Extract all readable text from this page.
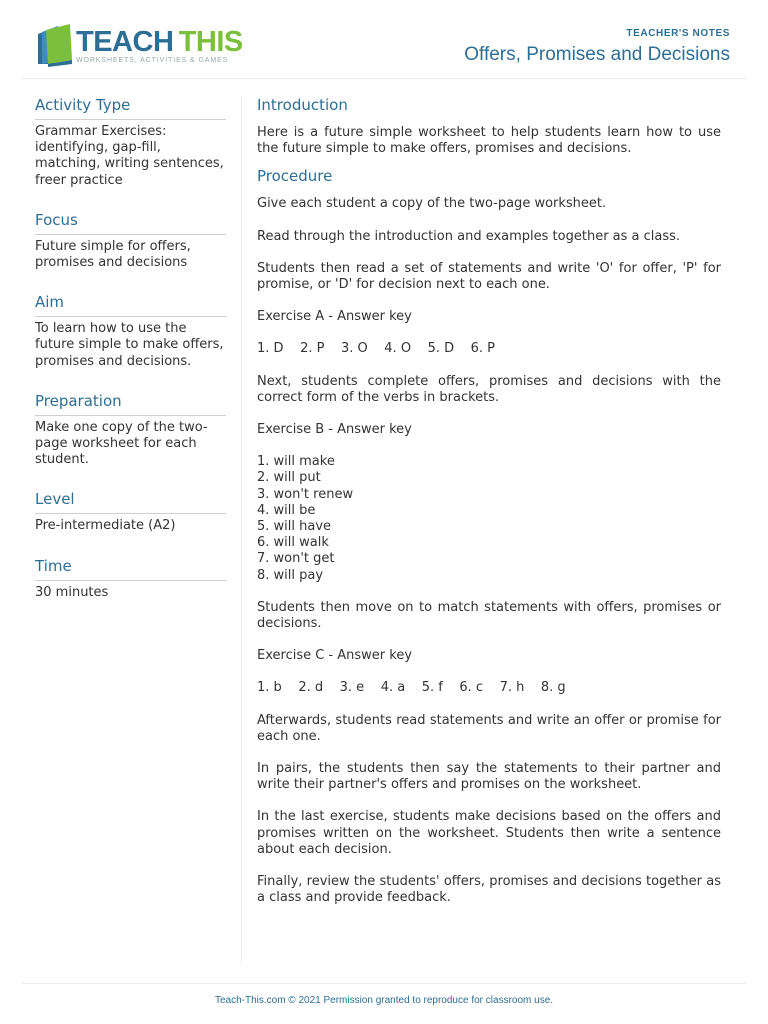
TEACH  THIS
WORKSHEETS, ACTIVITIES & GAMES
TEACHER'S NOTES
Offers, Promises and Decisions
Activity Type
Grammar Exercises: identifying, gap-fill, matching, writing sentences, freer practice
Focus
Future simple for offers, promises and decisions
Aim
To learn how to use the future simple to make offers, promises and decisions.
Preparation
Make one copy of the two-page worksheet for each student.
Level
Pre-intermediate (A2)
Time
30 minutes
Introduction

Here is a future simple worksheet to help students learn how to use the future simple to make offers, promises and decisions.

Procedure

Give each student a copy of the two-page worksheet.

Read through the introduction and examples together as a class.

Students then read a set of statements and write 'O' for offer, 'P' for promise, or 'D' for decision next to each one.

Exercise A - Answer key

1. D    2. P    3. O    4. O    5. D    6. P

Next, students complete offers, promises and decisions with the correct form of the verbs in brackets.

Exercise B - Answer key

1. will make
2. will put
3. won't renew
4. will be
5. will have
6. will walk
7. won't get
8. will pay

Students then move on to match statements with offers, promises or decisions.

Exercise C - Answer key

1. b    2. d    3. e    4. a    5. f    6. c    7. h    8. g

Afterwards, students read statements and write an offer or promise for each one.

In pairs, the students then say the statements to their partner and write their partner's offers and promises on the worksheet.

In the last exercise, students make decisions based on the offers and promises written on the worksheet. Students then write a sentence about each decision.

Finally, review the students' offers, promises and decisions together as a class and provide feedback.

Teach-This.com © 2021 Permission granted to reproduce for classroom use.
